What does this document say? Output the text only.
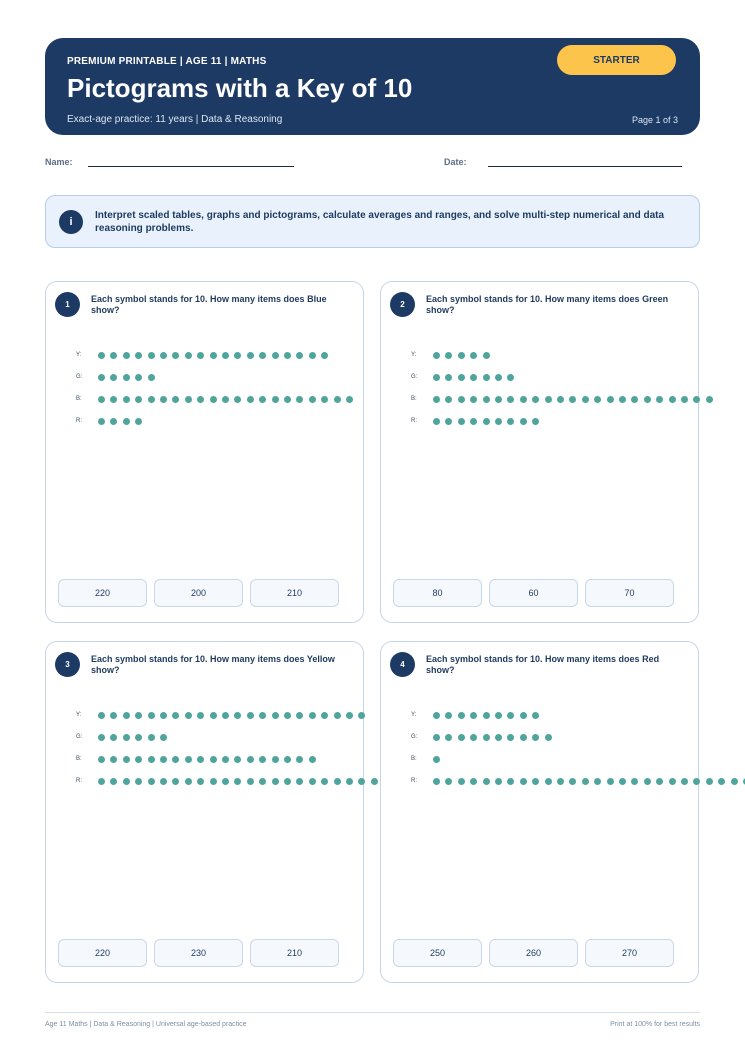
PREMIUM PRINTABLE | AGE 11 | MATHS
Pictograms with a Key of 10
Exact-age practice: 11 years | Data & Reasoning	Page 1 of 3
STARTER
Name:	Date:
i
Interpret scaled tables, graphs and pictograms, calculate averages and ranges, and solve multi-step numerical and data reasoning problems.
1
Each symbol stands for 10. How many items does Blue show?
220	200	210
Y:
G:
B:
R:
2
Each symbol stands for 10. How many items does Green show?
80	60	70
Y:
G:
B:
R:
3
Each symbol stands for 10. How many items does Yellow show?
220	230	210
Y:
G:
B:
R:
4
Each symbol stands for 10. How many items does Red show?
250	260	270
Y:
G:
B:
R:
Age 11 Maths | Data & Reasoning | Universal age-based practice	Print at 100% for best results
